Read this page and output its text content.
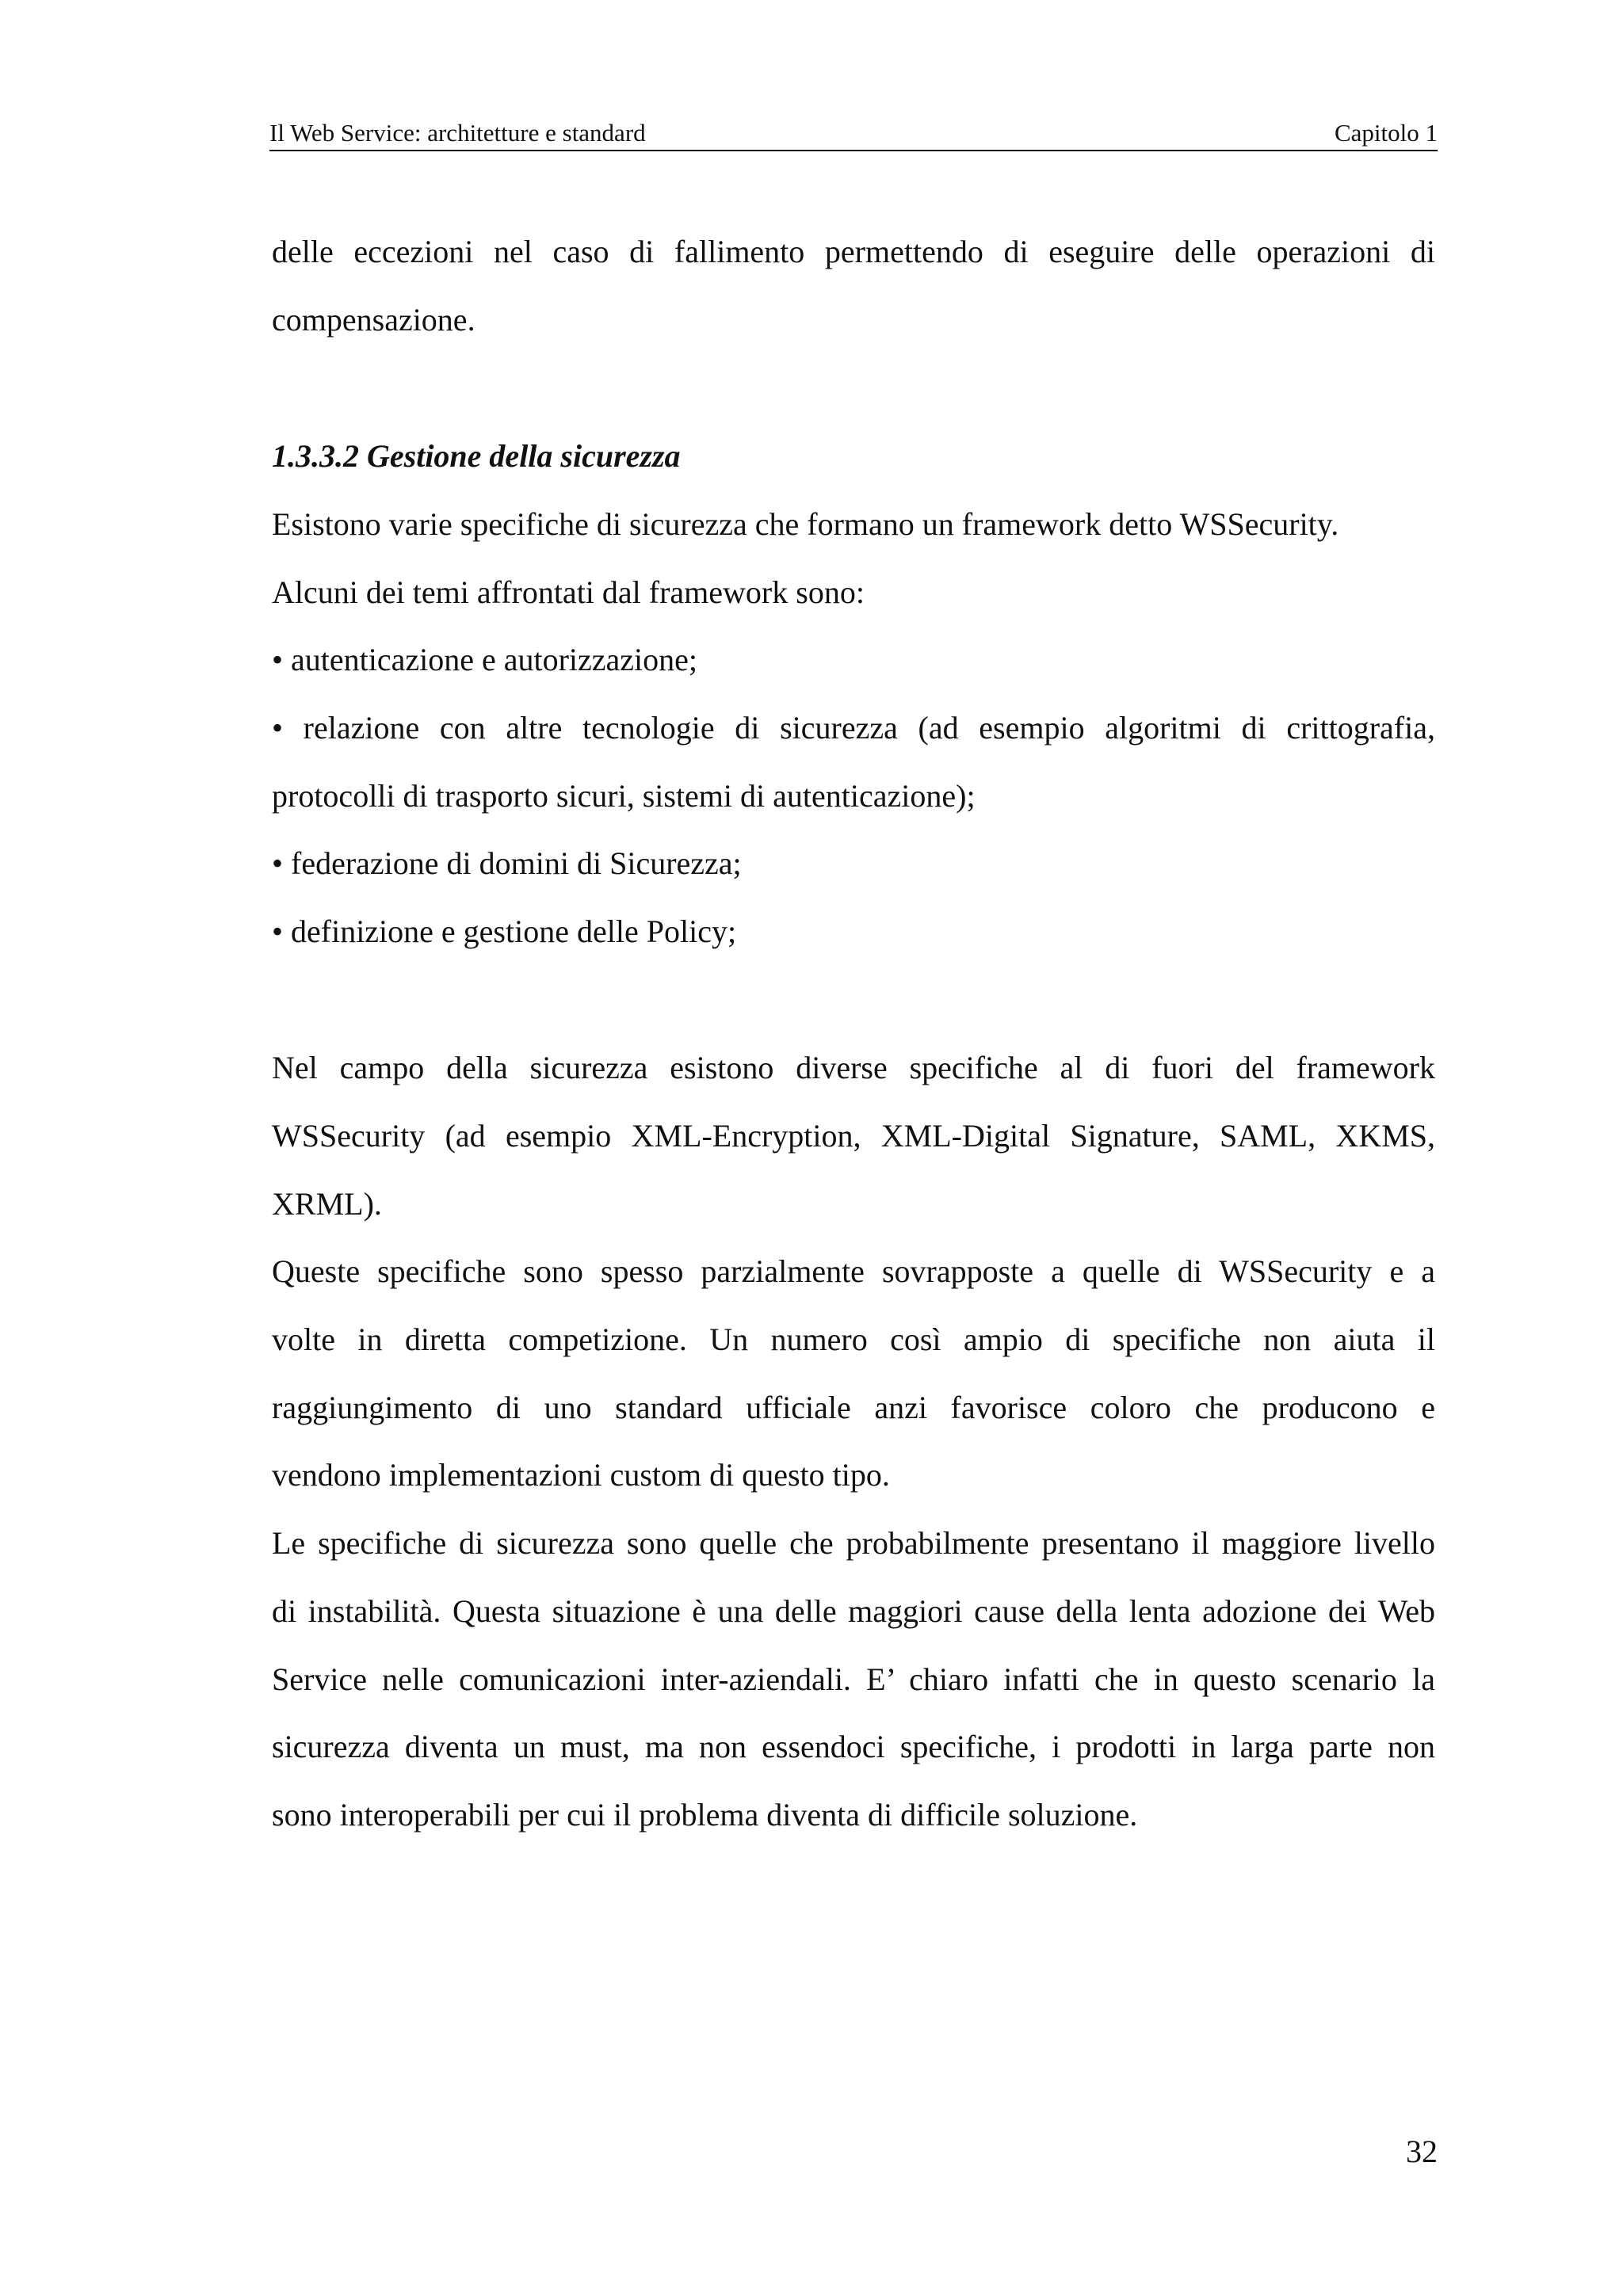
Il Web Service: architetture e standard	Capitolo 1
delle eccezioni nel caso di fallimento permettendo di eseguire delle operazioni di
compensazione.
1.3.3.2 Gestione della sicurezza
Esistono varie specifiche di sicurezza che formano un framework detto WSSecurity.
Alcuni dei temi affrontati dal framework sono:
• autenticazione e autorizzazione;
• relazione con altre tecnologie di sicurezza (ad esempio algoritmi di crittografia,
protocolli di trasporto sicuri, sistemi di autenticazione);
• federazione di domini di Sicurezza;
• definizione e gestione delle Policy;
Nel campo della sicurezza esistono diverse specifiche al di fuori del framework
WSSecurity (ad esempio XML-Encryption, XML-Digital Signature, SAML, XKMS,
XRML).
Queste specifiche sono spesso parzialmente sovrapposte a quelle di WSSecurity e a
volte in diretta competizione. Un numero così ampio di specifiche non aiuta il
raggiungimento di uno standard ufficiale anzi favorisce coloro che producono e
vendono implementazioni custom di questo tipo.
Le specifiche di sicurezza sono quelle che probabilmente presentano il maggiore livello
di instabilità. Questa situazione è una delle maggiori cause della lenta adozione dei Web
Service nelle comunicazioni inter-aziendali. E’ chiaro infatti che in questo scenario la
sicurezza diventa un must, ma non essendoci specifiche, i prodotti in larga parte non
sono interoperabili per cui il problema diventa di difficile soluzione.
32
